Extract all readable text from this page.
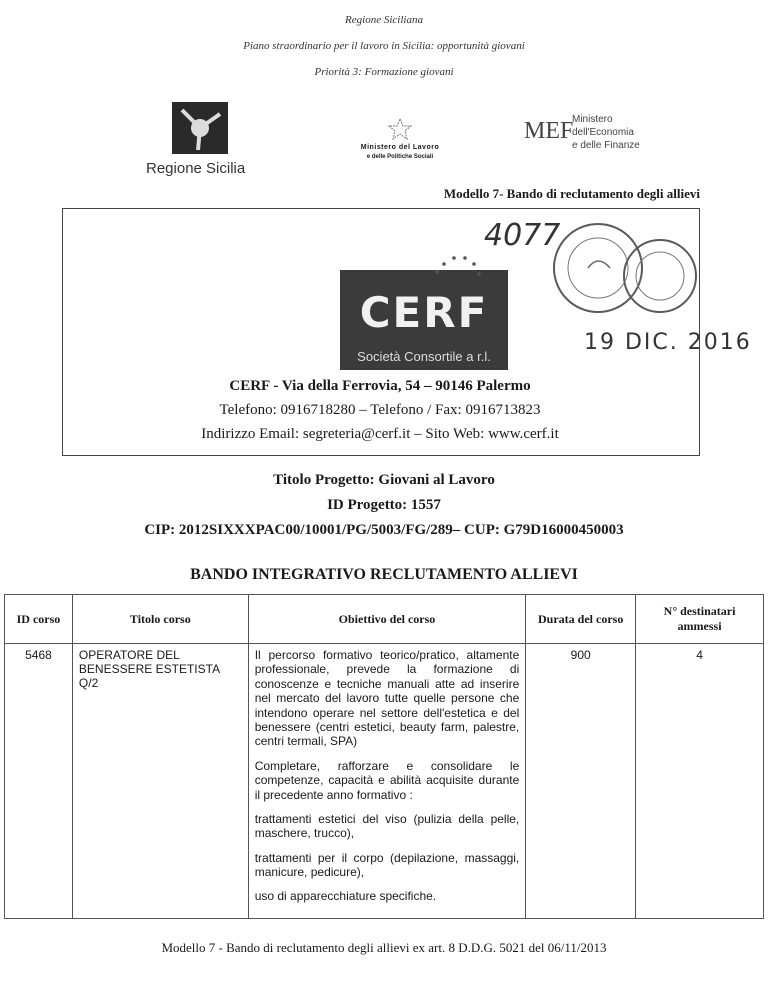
Regione Siciliana
Piano straordinario per il lavoro in Sicilia: opportunità giovani
Priorità 3: Formazione giovani
Regione Sicilia
Ministero del Lavoro
e delle Politiche Sociali
MEF
Ministero
dell'Economia
e delle Finanze
Modello 7- Bando di reclutamento degli allievi
4077
CERF
Società Consortile a r.l.
19 DIC. 2016
CERF - Via della Ferrovia, 54 – 90146 Palermo
Telefono: 0916718280 – Telefono / Fax: 0916713823
Indirizzo Email: segreteria@cerf.it – Sito Web: www.cerf.it
Titolo Progetto: Giovani al Lavoro
ID Progetto: 1557
CIP: 2012SIXXXPAC00/10001/PG/5003/FG/289– CUP: G79D16000450003
BANDO INTEGRATIVO RECLUTAMENTO ALLIEVI
ID corso	Titolo corso	Obiettivo del corso	Durata del corso	N° destinatari ammessi
5468	OPERATORE DEL BENESSERE ESTETISTA Q/2	Il percorso formativo teorico/pratico, altamente professionale, prevede la formazione di conoscenze e tecniche manuali atte ad inserire nel mercato del lavoro tutte quelle persone che intendono operare nel settore dell'estetica e del benessere (centri estetici, beauty farm, palestre, centri termali, SPA)

Completare, rafforzare e consolidare le competenze, capacità e abilità acquisite durante il precedente anno formativo :

trattamenti estetici del viso (pulizia della pelle, maschere, trucco),

trattamenti per il corpo (depilazione, massaggi, manicure, pedicure),

uso di apparecchiature specifiche.	900	4
Modello 7 - Bando di reclutamento degli allievi ex art. 8 D.D.G. 5021 del 06/11/2013
